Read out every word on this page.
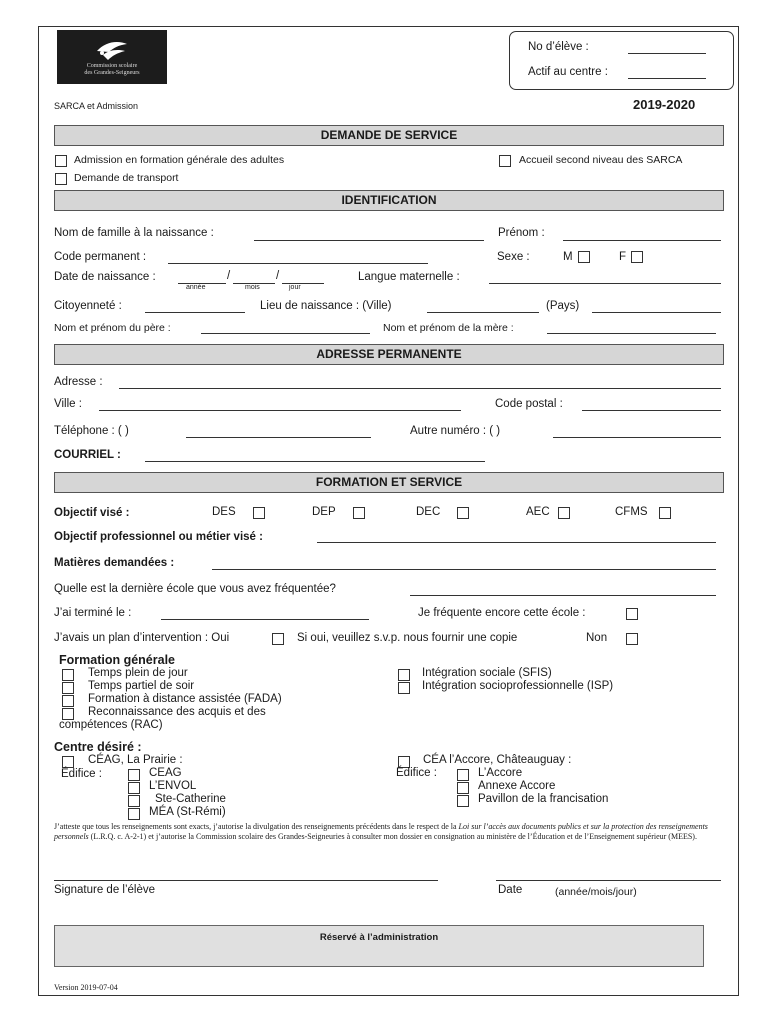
Commission scolaire
des Grandes-Seigneurs
No d’élève :
Actif au centre :
SARCA et Admission	2019-2020
DEMANDE DE SERVICE
Admission en formation générale des adultes	Accueil second niveau des SARCA
Demande de transport
IDENTIFICATION
Nom de famille à la naissance :	Prénom :
Code permanent :	Sexe :	M	F
Date de naissance :	/	/
année	mois	jour
Langue maternelle :
Citoyenneté :	Lieu de naissance : (Ville)	(Pays)
Nom et prénom du père :	Nom et prénom de la mère :
ADRESSE PERMANENTE
Adresse :
Ville :	Code postal :
Téléphone : ( )	Autre numéro : ( )
COURRIEL :
FORMATION ET SERVICE
Objectif visé :	DES	DEP	DEC	AEC	CFMS
Objectif professionnel ou métier visé :
Matières demandées :
Quelle est la dernière école que vous avez fréquentée?
J’ai terminé le :	Je fréquente encore cette école :
J’avais un plan d’intervention : Oui	Si oui, veuillez s.v.p. nous fournir une copie	Non
Formation générale
Temps plein de jour
Temps partiel de soir
Formation à distance assistée (FADA)
Reconnaissance des acquis et des
compétences (RAC)
Intégration sociale (SFIS)
Intégration socioprofessionnelle (ISP)
Centre désiré :
CÉAG, La Prairie :
Édifice :	CEAG
L’ENVOL
Ste-Catherine
MÉA (St-Rémi)
CÉA l’Accore, Châteauguay :
Édifice :	L’Accore
Annexe Accore
Pavillon de la francisation
J’atteste que tous les renseignements sont exacts, j’autorise la divulgation des renseignements précédents dans le respect de la Loi sur l’accès aux documents publics et sur la protection des renseignements personnels (L.R.Q. c. A-2-1) et j’autorise la Commission scolaire des Grandes-Seigneuries à consulter mon dossier en consignation au ministère de l’Éducation et de l’Enseignement supérieur (MEES).
Signature de l’élève	Date	(année/mois/jour)
Réservé à l’administration
Version 2019-07-04
